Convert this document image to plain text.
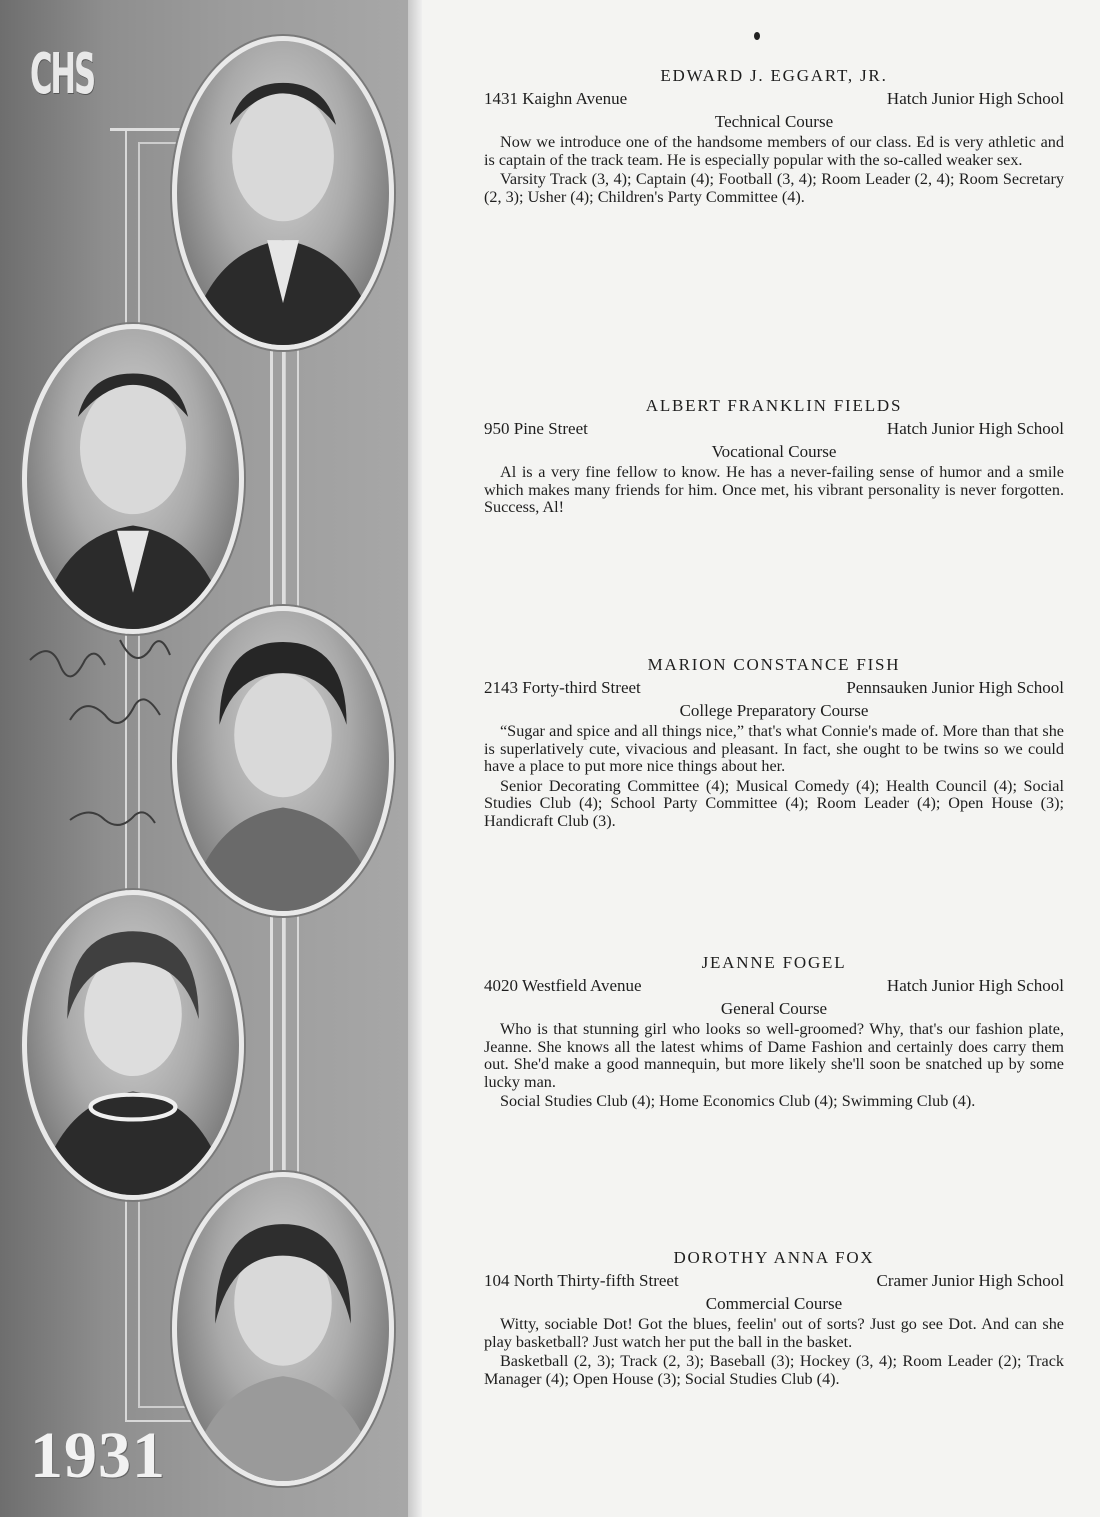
CHS
1931
EDWARD J. EGGART, JR.
1431 Kaighn Avenue	Hatch Junior High School
Technical Course

Now we introduce one of the handsome members of our class. Ed is very athletic and is captain of the track team. He is especially popular with the so-called weaker sex.

Varsity Track (3, 4); Captain (4); Football (3, 4); Room Leader (2, 4); Room Secretary (2, 3); Usher (4); Children's Party Committee (4).

ALBERT FRANKLIN FIELDS
950 Pine Street	Hatch Junior High School
Vocational Course

Al is a very fine fellow to know. He has a never-failing sense of humor and a smile which makes many friends for him. Once met, his vibrant personality is never forgotten. Success, Al!

MARION CONSTANCE FISH
2143 Forty-third Street	Pennsauken Junior High School
College Preparatory Course

“Sugar and spice and all things nice,” that's what Connie's made of. More than that she is superlatively cute, vivacious and pleasant. In fact, she ought to be twins so we could have a place to put more nice things about her.

Senior Decorating Committee (4); Musical Comedy (4); Health Council (4); Social Studies Club (4); School Party Committee (4); Room Leader (4); Open House (3); Handicraft Club (3).

JEANNE FOGEL
4020 Westfield Avenue	Hatch Junior High School
General Course

Who is that stunning girl who looks so well-groomed? Why, that's our fashion plate, Jeanne. She knows all the latest whims of Dame Fashion and certainly does carry them out. She'd make a good mannequin, but more likely she'll soon be snatched up by some lucky man.

Social Studies Club (4); Home Economics Club (4); Swimming Club (4).

DOROTHY ANNA FOX
104 North Thirty-fifth Street	Cramer Junior High School
Commercial Course

Witty, sociable Dot! Got the blues, feelin' out of sorts? Just go see Dot. And can she play basketball? Just watch her put the ball in the basket.

Basketball (2, 3); Track (2, 3); Baseball (3); Hockey (3, 4); Room Leader (2); Track Manager (4); Open House (3); Social Studies Club (4).
